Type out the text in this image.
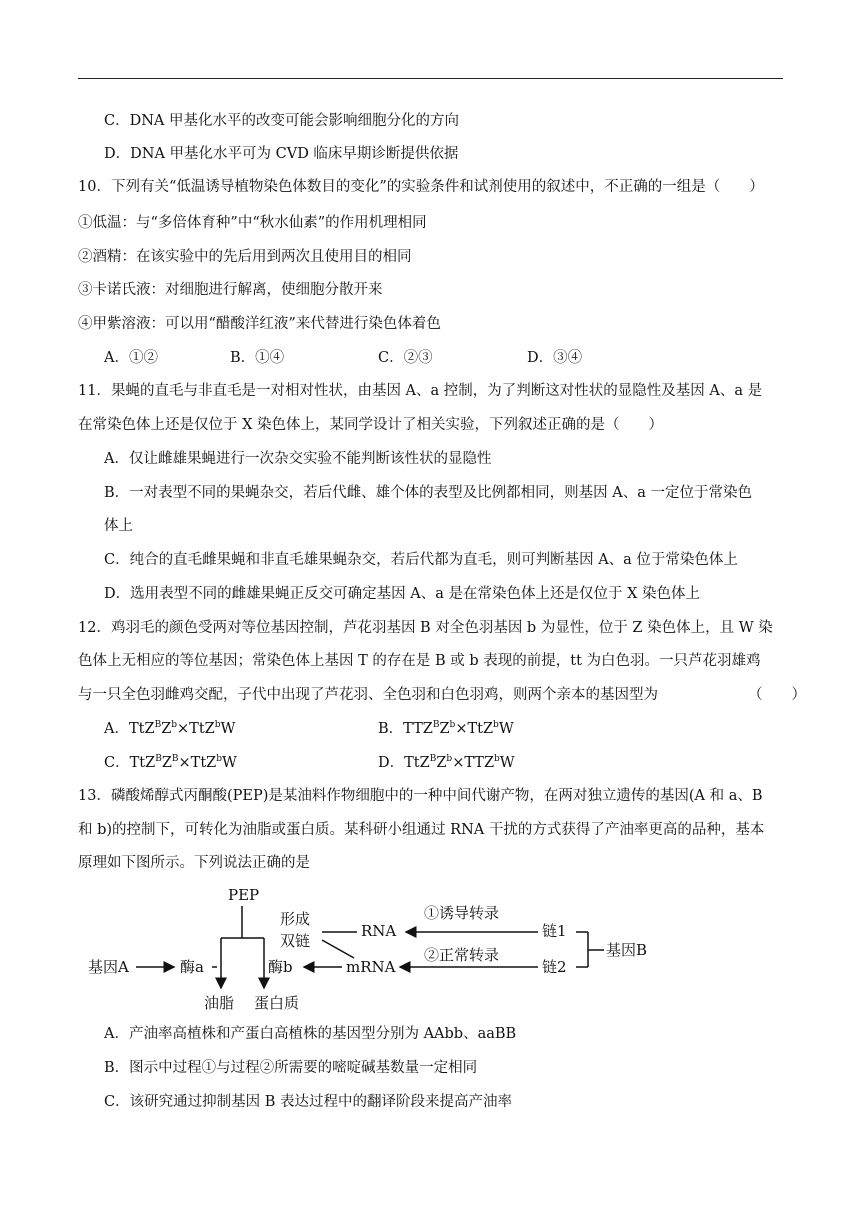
C．DNA 甲基化水平的改变可能会影响细胞分化的方向
D．DNA 甲基化水平可为 CVD 临床早期诊断提供依据
10．下列有关“低温诱导植物染色体数目的变化”的实验条件和试剂使用的叙述中，不正确的一组是（　　）
①低温：与“多倍体育种”中“秋水仙素”的作用机理相同
②酒精：在该实验中的先后用到两次且使用目的相同
③卡诺氏液：对细胞进行解离，使细胞分散开来
④甲紫溶液：可以用“醋酸洋红液”来代替进行染色体着色
A．①②	B．①④	C．②③	D．③④
11．果蝇的直毛与非直毛是一对相对性状，由基因 A、a 控制，为了判断这对性状的显隐性及基因 A、a 是
在常染色体上还是仅位于 X 染色体上，某同学设计了相关实验，下列叙述正确的是（　　）
A．仅让雌雄果蝇进行一次杂交实验不能判断该性状的显隐性
B．一对表型不同的果蝇杂交，若后代雌、雄个体的表型及比例都相同，则基因 A、a 一定位于常染色
体上
C．纯合的直毛雌果蝇和非直毛雄果蝇杂交，若后代都为直毛，则可判断基因 A、a 位于常染色体上
D．选用表型不同的雌雄果蝇正反交可确定基因 A、a 是在常染色体上还是仅位于 X 染色体上
12．鸡羽毛的颜色受两对等位基因控制，芦花羽基因 B 对全色羽基因 b 为显性，位于 Z 染色体上，且 W 染
色体上无相应的等位基因；常染色体上基因 T 的存在是 B 或 b 表现的前提，tt 为白色羽。一只芦花羽雄鸡
与一只全色羽雌鸡交配，子代中出现了芦花羽、全色羽和白色羽鸡，则两个亲本的基因型为	（　　）
A．$TtZ^BZ^b\times TtZ^bW$	B．$TTZ^BZ^b\times TtZ^bW$
C．$TtZ^BZ^B\times TtZ^bW$	D．$TtZ^BZ^b\times TTZ^bW$
13．磷酸烯醇式丙酮酸(PEP)是某油料作物细胞中的一种中间代谢产物，在两对独立遗传的基因(A 和 a、B
和 b)的控制下，可转化为油脂或蛋白质。某科研小组通过 RNA 干扰的方式获得了产油率更高的品种，基本
原理如下图所示。下列说法正确的是
PEP
基因A	酶a	酶b
油脂 蛋白质
形成
双链
RNA
mRNA
①诱导转录
②正常转录
链1
链2
基因B
A．产油率高植株和产蛋白高植株的基因型分别为 AAbb、aaBB
B．图示中过程①与过程②所需要的嘧啶碱基数量一定相同
C．该研究通过抑制基因 B 表达过程中的翻译阶段来提高产油率
